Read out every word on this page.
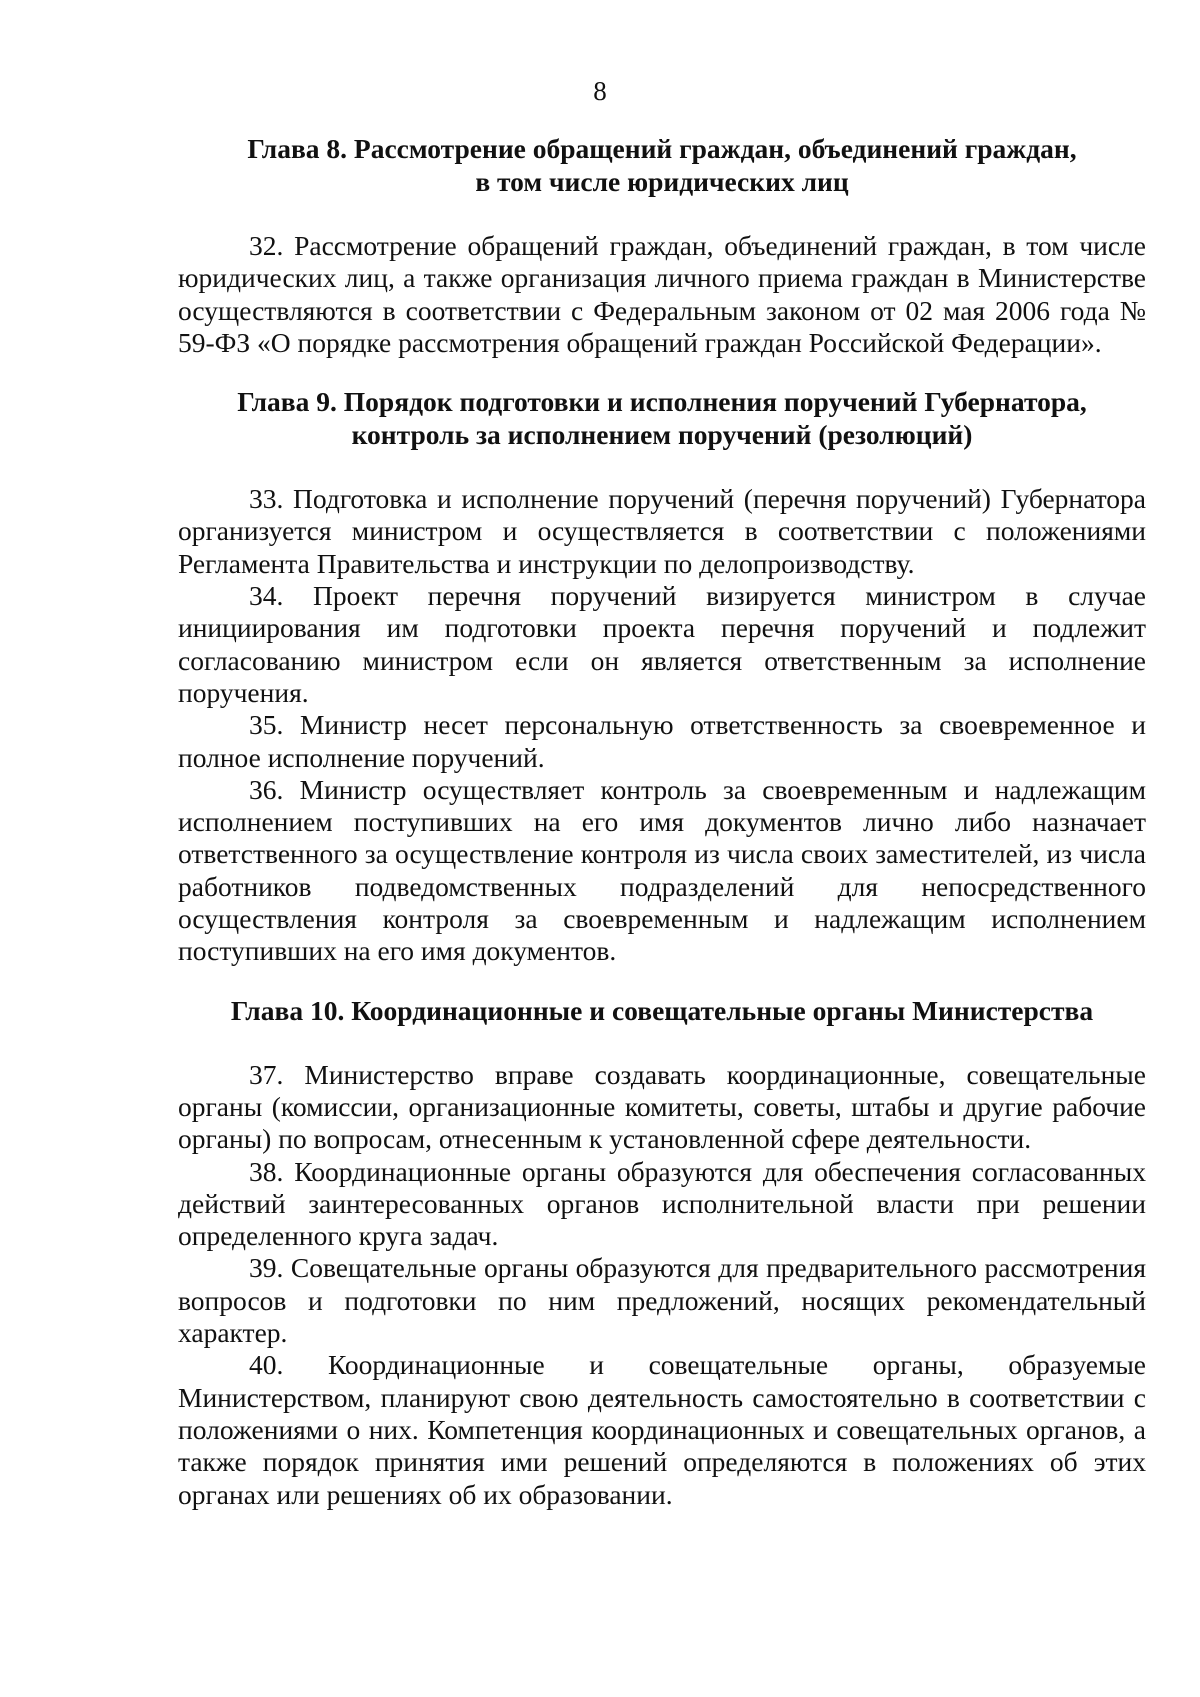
8
Глава 8. Рассмотрение обращений граждан, объединений граждан,
в том числе юридических лиц

32. Рассмотрение обращений граждан, объединений граждан, в том числе юридических лиц, а также организация личного приема граждан в Министерстве осуществляются в соответствии с Федеральным законом от 02 мая 2006 года № 59-ФЗ «О порядке рассмотрения обращений граждан Российской Федерации».

Глава 9. Порядок подготовки и исполнения поручений Губернатора,
контроль за исполнением поручений (резолюций)

33. Подготовка и исполнение поручений (перечня поручений) Губернатора организуется министром и осуществляется в соответствии с положениями Регламента Правительства и инструкции по делопроизводству.

34. Проект перечня поручений визируется министром в случае инициирования им подготовки проекта перечня поручений и подлежит согласованию министром если он является ответственным за исполнение поручения.

35. Министр несет персональную ответственность за своевременное и полное исполнение поручений.

36. Министр осуществляет контроль за своевременным и надлежащим исполнением поступивших на его имя документов лично либо назначает ответственного за осуществление контроля из числа своих заместителей, из числа работников подведомственных подразделений для непосредственного осуществления контроля за своевременным и надлежащим исполнением поступивших на его имя документов.

Глава 10. Координационные и совещательные органы Министерства

37. Министерство вправе создавать координационные, совещательные органы (комиссии, организационные комитеты, советы, штабы и другие рабочие органы) по вопросам, отнесенным к установленной сфере деятельности.

38. Координационные органы образуются для обеспечения согласованных действий заинтересованных органов исполнительной власти при решении определенного круга задач.

39. Совещательные органы образуются для предварительного рассмотрения вопросов и подготовки по ним предложений, носящих рекомендательный характер.

40. Координационные и совещательные органы, образуемые Министерством, планируют свою деятельность самостоятельно в соответствии с положениями о них. Компетенция координационных и совещательных органов, а также порядок принятия ими решений определяются в положениях об этих органах или решениях об их образовании.
